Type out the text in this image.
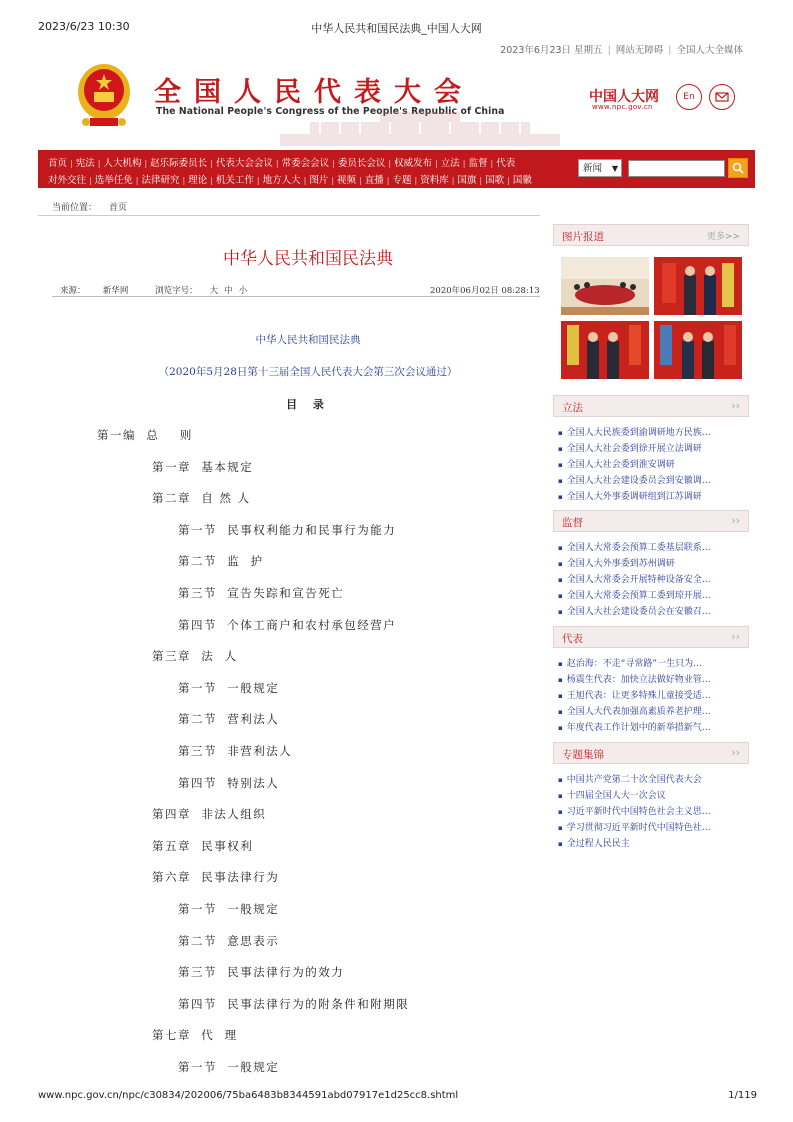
2023/6/23 10:30	中华人民共和国民法典_中国人大网
www.npc.gov.cn/npc/c30834/202006/75ba6483b8344591abd07917e1d25cc8.shtml	1/119
2023年6月23日 星期五 | 网站无障碍 | 全国人大全媒体
全国人民代表大会
The National People's Congress of the People's Republic of China
中国人大网
www.npc.gov.cn
En
首页 | 宪法 | 人大机构 | 赵乐际委员长 | 代表大会会议 | 常委会会议 | 委员长会议 | 权威发布 | 立法 | 监督 | 代表
对外交往 | 选举任免 | 法律研究 | 理论 | 机关工作 | 地方人大 | 图片 | 视频 | 直播 | 专题 | 资料库 | 国旗 | 国歌 | 国徽
新闻 ▼
当前位置： 首页
中华人民共和国民法典
来源： 新华网	浏览字号： 大 中 小	2020年06月02日 08:28:13
中华人民共和国民法典
（2020年5月28日第十三届全国人民代表大会第三次会议通过）
目 录
第一编  总    则
第一章  基本规定
第二章  自 然 人
第一节  民事权利能力和民事行为能力
第二节  监  护
第三节  宣告失踪和宣告死亡
第四节  个体工商户和农村承包经营户
第三章  法  人
第一节  一般规定
第二节  营利法人
第三节  非营利法人
第四节  特别法人
第四章  非法人组织
第五章  民事权利
第六章  民事法律行为
第一节  一般规定
第二节  意思表示
第三节  民事法律行为的效力
第四节  民事法律行为的附条件和附期限
第七章  代  理
第一节  一般规定
图片报道	更多>>
立法	››
▪ 全国人大民族委到渝调研地方民族…
▪ 全国人大社会委到徐开展立法调研
▪ 全国人大社会委到淮安调研
▪ 全国人大社会建设委员会到安徽调…
▪ 全国人大外事委调研组到江苏调研
监督	››
▪ 全国人大常委会预算工委基层联系…
▪ 全国人大外事委到苏州调研
▪ 全国人大常委会开展特种设备安全…
▪ 全国人大常委会预算工委到琼开展…
▪ 全国人大社会建设委员会在安徽召…
代表	››
▪ 赵治海：不走“寻常路”一生只为…
▪ 杨震生代表：加快立法做好物业管…
▪ 王旭代表：让更多特殊儿童接受适…
▪ 全国人大代表加强高素质养老护理…
▪ 年度代表工作计划中的新举措新气…
专题集锦	››
▪ 中国共产党第二十次全国代表大会
▪ 十四届全国人大一次会议
▪ 习近平新时代中国特色社会主义思…
▪ 学习贯彻习近平新时代中国特色社…
▪ 全过程人民民主
